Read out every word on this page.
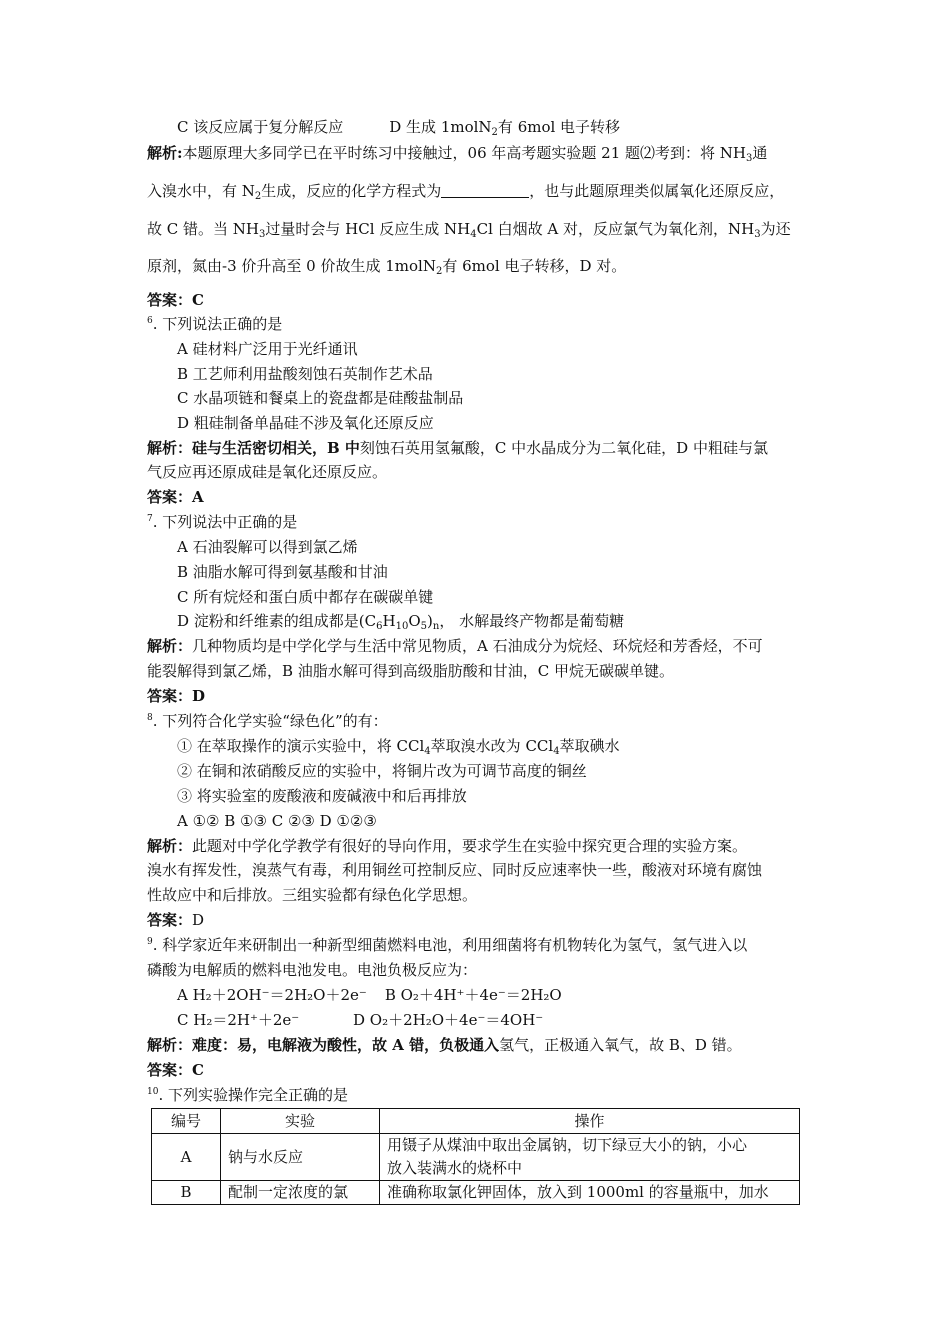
C 该反应属于复分解反应	D 生成 1molN$_2$有 6mol 电子转移
解析:本题原理大多同学已在平时练习中接触过，06 年高考题实验题 21 题⑵考到：将 $NH_3$通
入溴水中，有 $N_2$生成，反应的化学方程式为	，也与此题原理类似属氧化还原反应，
故 C 错。当 $NH_3$过量时会与 HCl 反应生成 $NH_4Cl$ 白烟故 A 对，反应氯气为氧化剂，$NH_3$为还
原剂，氮由-3 价升高至 0 价故生成 1molN$_2$有 6mol 电子转移，D 对。
答案：C
$^6$. 下列说法正确的是
A 硅材料广泛用于光纤通讯
B 工艺师利用盐酸刻蚀石英制作艺术品
C 水晶项链和餐桌上的瓷盘都是硅酸盐制品
D 粗硅制备单晶硅不涉及氧化还原反应
解析：硅与生活密切相关，B 中刻蚀石英用氢氟酸，C 中水晶成分为二氧化硅，D 中粗硅与氯
气反应再还原成硅是氧化还原反应。
答案：A
$^7$. 下列说法中正确的是
A 石油裂解可以得到氯乙烯
B 油脂水解可得到氨基酸和甘油
C 所有烷烃和蛋白质中都存在碳碳单键
D 淀粉和纤维素的组成都是$(C_6H_{10}O_5)_n$， 水解最终产物都是葡萄糖
解析：几种物质均是中学化学与生活中常见物质，A 石油成分为烷烃、环烷烃和芳香烃，不可
能裂解得到氯乙烯，B 油脂水解可得到高级脂肪酸和甘油，C 甲烷无碳碳单键。
答案：D
$^8$. 下列符合化学实验“绿色化”的有：
① 在萃取操作的演示实验中，将 CCl$_4$萃取溴水改为 CCl$_4$萃取碘水
② 在铜和浓硝酸反应的实验中，将铜片改为可调节高度的铜丝
③ 将实验室的废酸液和废碱液中和后再排放
A ①② B ①③ C ②③ D ①②③
解析：此题对中学化学教学有很好的导向作用，要求学生在实验中探究更合理的实验方案。
溴水有挥发性，溴蒸气有毒，利用铜丝可控制反应、同时反应速率快一些，酸液对环境有腐蚀
性故应中和后排放。三组实验都有绿色化学思想。
答案：D
$^9$. 科学家近年来研制出一种新型细菌燃料电池，利用细菌将有机物转化为氢气，氢气进入以
磷酸为电解质的燃料电池发电。电池负极反应为：
A H₂＋2OH⁻＝2H₂O＋2e⁻ B O₂＋4H⁺＋4e⁻＝2H₂O
C H₂＝2H⁺＋2e⁻	D O₂＋2H₂O＋4e⁻＝4OH⁻
解析：难度：易，电解液为酸性，故 A 错，负极通入氢气，正极通入氧气，故 B、D 错。
答案：C
$^{10}$. 下列实验操作完全正确的是
编号	实验	操作
A	钠与水反应	用镊子从煤油中取出金属钠，切下绿豆大小的钠，小心
放入装满水的烧杯中

B	配制一定浓度的氯	准确称取氯化钾固体，放入到 1000ml 的容量瓶中，加水
